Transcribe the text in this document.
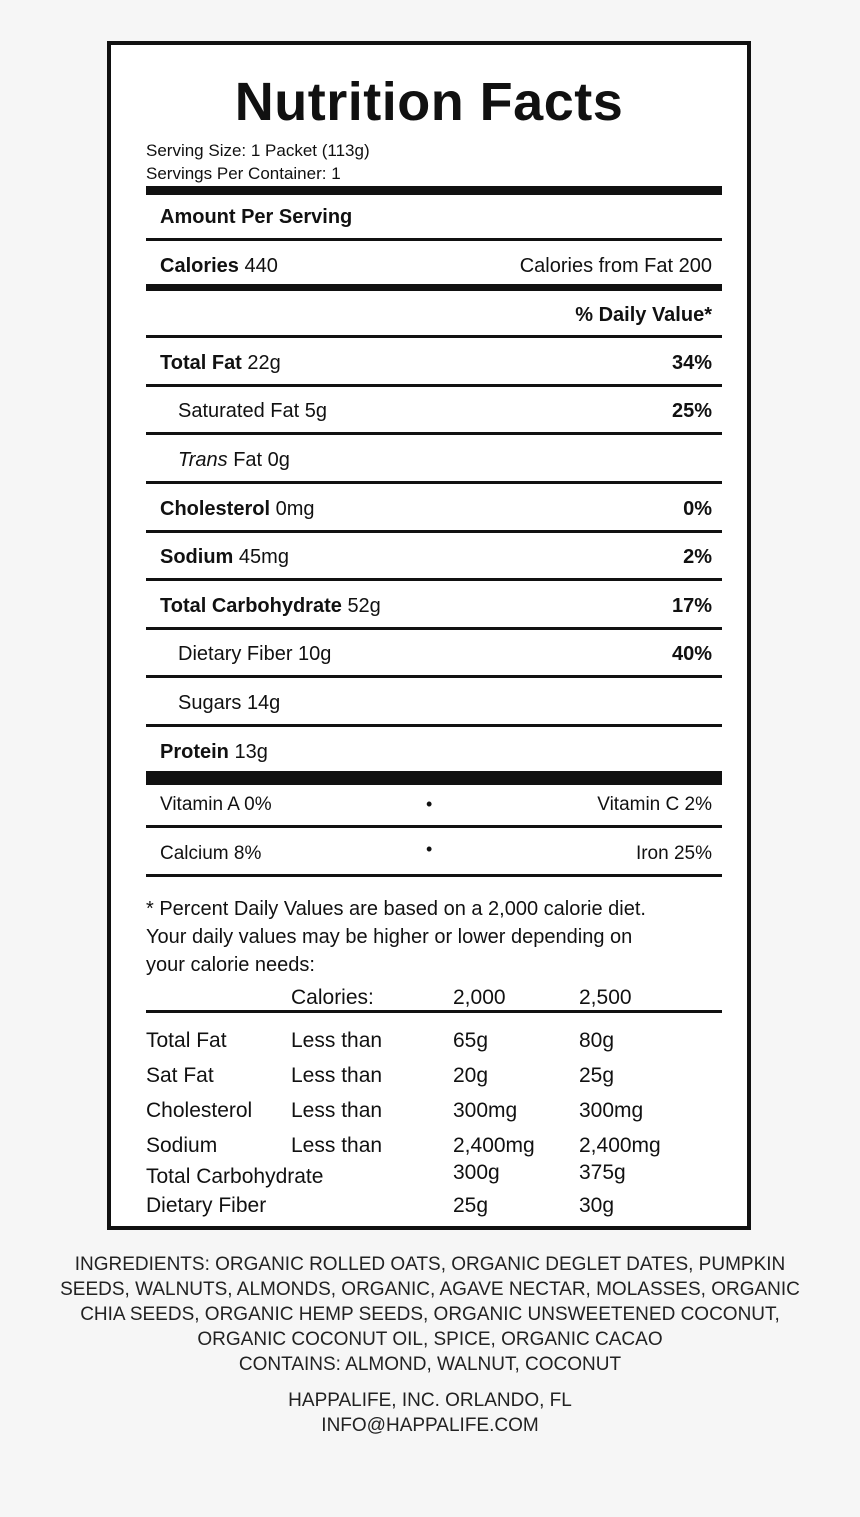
Nutrition Facts
Serving Size: 1 Packet (113g)
Servings Per Container: 1
Amount Per Serving
Calories 440	Calories from Fat 200
% Daily Value*
Total Fat 22g	34%
Saturated Fat 5g	25%
Trans Fat 0g
Cholesterol 0mg	0%
Sodium 45mg	2%
Total Carbohydrate 52g	17%
Dietary Fiber 10g	40%
Sugars 14g
Protein 13g
Vitamin A 0%	•	Vitamin C 2%
Calcium 8%	•	Iron 25%
* Percent Daily Values are based on a 2,000 calorie diet.
Your daily values may be higher or lower depending on
your calorie needs:
Calories:	2,000	2,500
Total Fat	Less than	65g	80g
Sat Fat	Less than	20g	25g
Cholesterol Less than	300mg	300mg
Sodium	Less than	2,400mg 2,400mg
Total Carbohydrate	300g	375g
Dietary Fiber	25g	30g
INGREDIENTS: ORGANIC ROLLED OATS, ORGANIC DEGLET DATES, PUMPKIN
SEEDS, WALNUTS, ALMONDS, ORGANIC, AGAVE NECTAR, MOLASSES, ORGANIC
CHIA SEEDS, ORGANIC HEMP SEEDS, ORGANIC UNSWEETENED COCONUT,
ORGANIC COCONUT OIL, SPICE, ORGANIC CACAO
CONTAINS: ALMOND, WALNUT, COCONUT
HAPPALIFE, INC. ORLANDO, FL
INFO@HAPPALIFE.COM
